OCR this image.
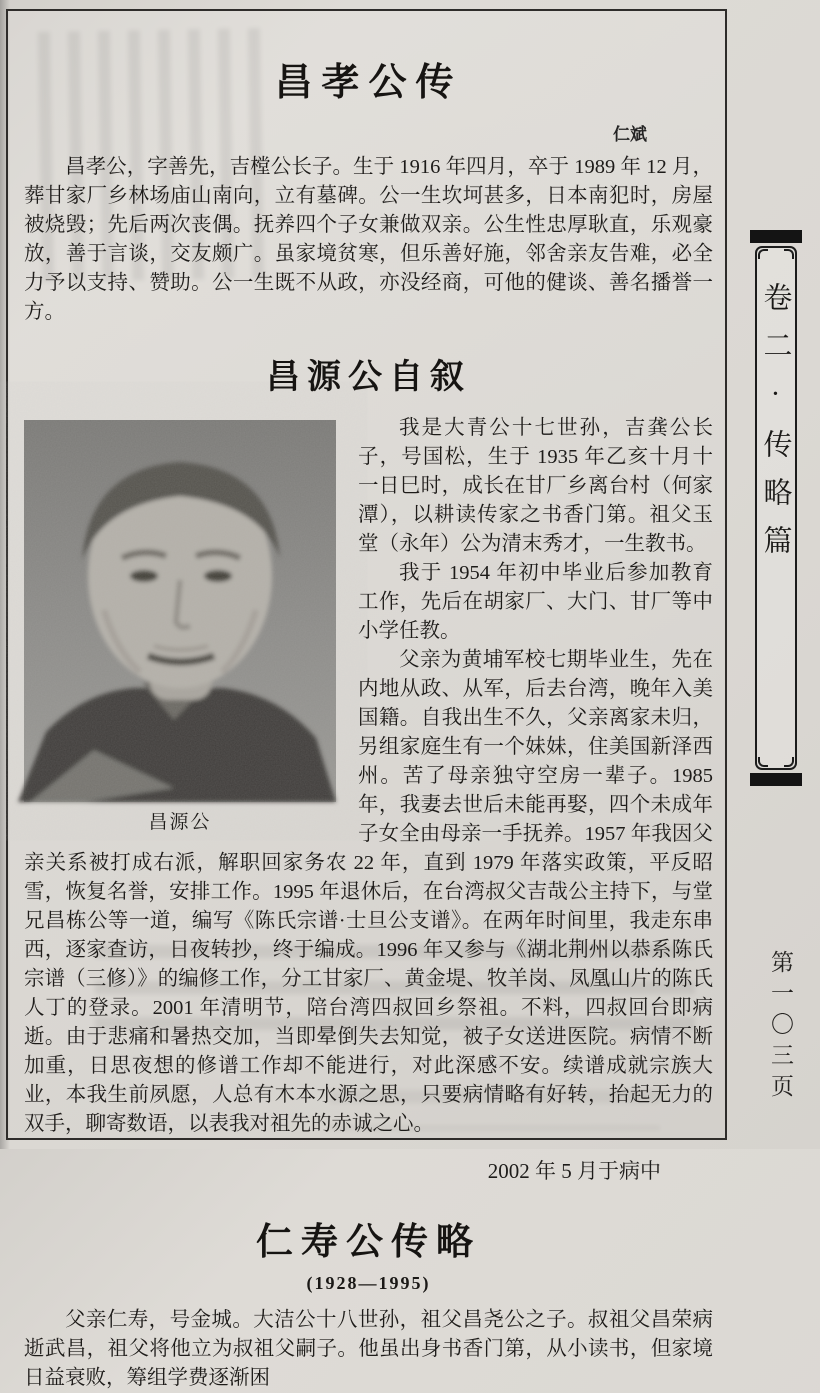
昌孝公传
仁斌

昌孝公，字善先，吉樘公长子。生于 1916 年四月，卒于 1989 年 12 月，葬甘家厂乡林场庙山南向，立有墓碑。公一生坎坷甚多，日本南犯时，房屋被烧毁；先后两次丧偶。抚养四个子女兼做双亲。公生性忠厚耿直，乐观豪放，善于言谈，交友颇广。虽家境贫寒，但乐善好施，邻舍亲友告难，必全力予以支持、赞助。公一生既不从政，亦没经商，可他的健谈、善名播誉一方。

昌源公自叙
昌源公

我是大青公十七世孙，吉龚公长子，号国松，生于 1935 年乙亥十月十一日巳时，成长在甘厂乡离台村（何家潭），以耕读传家之书香门第。祖父玉堂（永年）公为清末秀才，一生教书。

我于 1954 年初中毕业后参加教育工作，先后在胡家厂、大门、甘厂等中小学任教。

父亲为黄埔军校七期毕业生，先在内地从政、从军，后去台湾，晚年入美国籍。自我出生不久，父亲离家未归，另组家庭生有一个妹妹，住美国新泽西州。苦了母亲独守空房一辈子。1985 年，我妻去世后未能再娶，四个未成年子女全由母亲一手抚养。1957 年我因父亲关系被打成右派，解职回家务农 22 年，直到 1979 年落实政策，平反昭雪，恢复名誉，安排工作。1995 年退休后，在台湾叔父吉哉公主持下，与堂兄昌栋公等一道，编写《陈氏宗谱·士旦公支谱》。在两年时间里，我走东串西，逐家查访，日夜转抄，终于编成。1996 年又参与《湖北荆州以恭系陈氏宗谱（三修）》的编修工作，分工甘家厂、黄金堤、牧羊岗、凤凰山片的陈氏人丁的登录。2001 年清明节，陪台湾四叔回乡祭祖。不料，四叔回台即病逝。由于悲痛和暑热交加，当即晕倒失去知觉，被子女送进医院。病情不断加重，日思夜想的修谱工作却不能进行，对此深感不安。续谱成就宗族大业，本我生前夙愿，人总有木本水源之思，只要病情略有好转，抬起无力的双手，聊寄数语，以表我对祖先的赤诚之心。

2002 年 5 月于病中
仁寿公传略
(1928—1995)

父亲仁寿，号金城。大洁公十八世孙，祖父昌尧公之子。叔祖父昌荣病逝武昌，祖父将他立为叔祖父嗣子。他虽出身书香门第，从小读书，但家境日益衰败，筹组学费逐渐困

卷二·传略篇
第一〇三页
